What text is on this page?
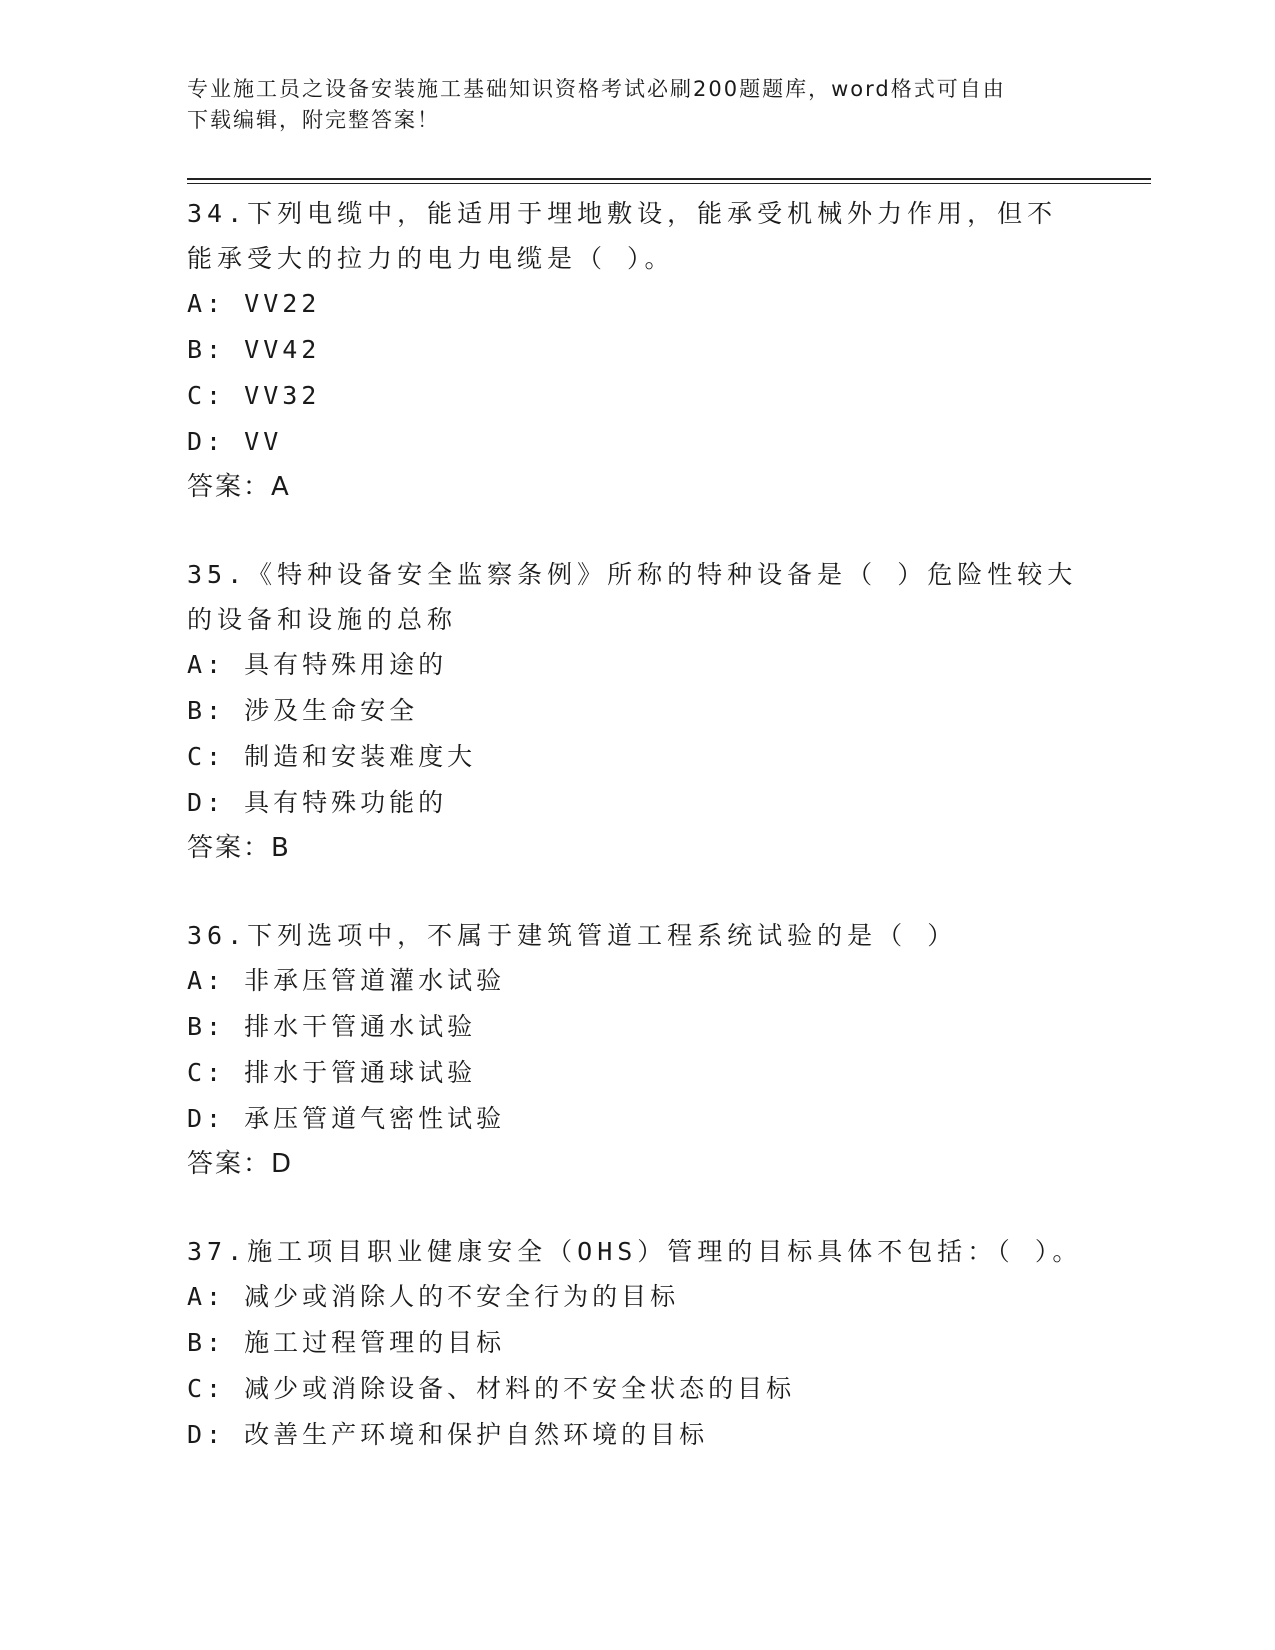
专业施工员之设备安装施工基础知识资格考试必刷200题题库，word格式可自由
下载编辑，附完整答案！
34.下列电缆中，能适用于埋地敷设，能承受机械外力作用，但不能承受大的拉力的电力电缆是（ ）。
A: VV22
B: VV42
C: VV32
D: VV
答案：A
35.《特种设备安全监察条例》所称的特种设备是（ ）危险性较大的设备和设施的总称
A: 具有特殊用途的
B: 涉及生命安全
C: 制造和安装难度大
D: 具有特殊功能的
答案：B
36.下列选项中，不属于建筑管道工程系统试验的是（ ）
A: 非承压管道灌水试验
B: 排水干管通水试验
C: 排水于管通球试验
D: 承压管道气密性试验
答案：D
37.施工项目职业健康安全（OHS）管理的目标具体不包括：（ ）。
A: 减少或消除人的不安全行为的目标
B: 施工过程管理的目标
C: 减少或消除设备、材料的不安全状态的目标
D: 改善生产环境和保护自然环境的目标
